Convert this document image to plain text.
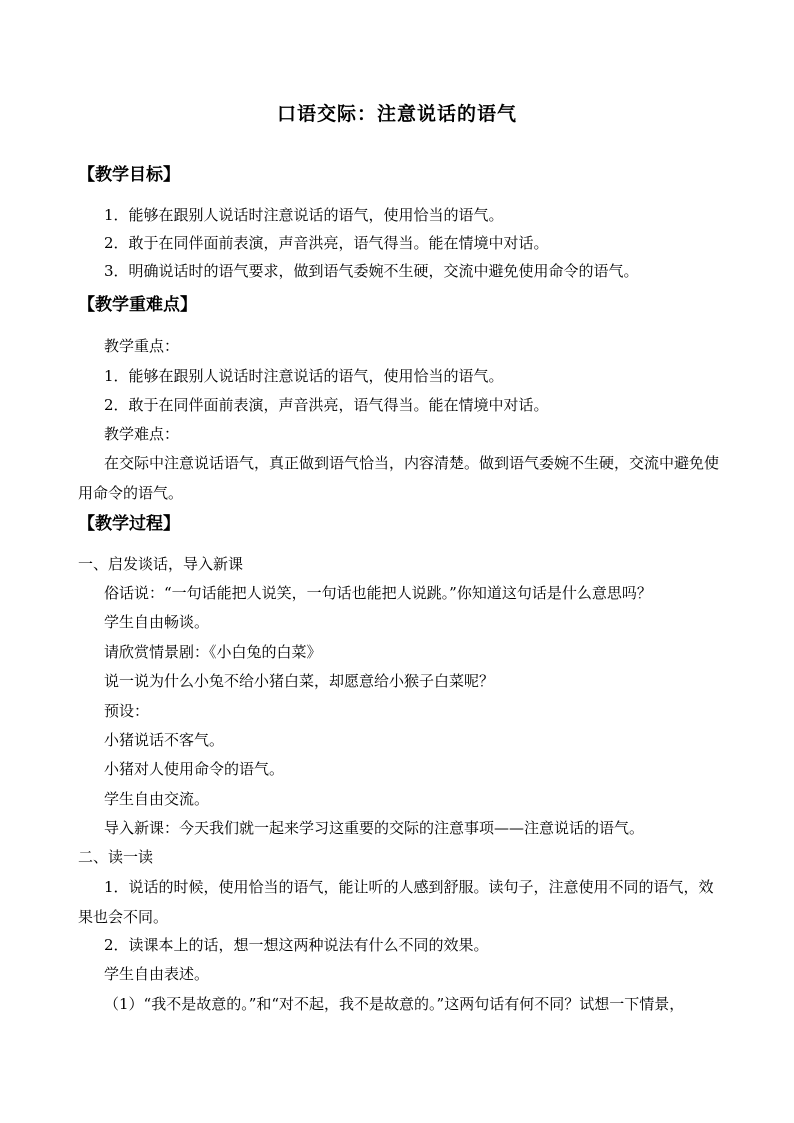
口语交际：注意说话的语气
【教学目标】
1．能够在跟别人说话时注意说话的语气，使用恰当的语气。
2．敢于在同伴面前表演，声音洪亮，语气得当。能在情境中对话。
3．明确说话时的语气要求，做到语气委婉不生硬，交流中避免使用命令的语气。
【教学重难点】
教学重点：
1．能够在跟别人说话时注意说话的语气，使用恰当的语气。
2．敢于在同伴面前表演，声音洪亮，语气得当。能在情境中对话。
教学难点：
在交际中注意说话语气，真正做到语气恰当，内容清楚。做到语气委婉不生硬，交流中避免使用命令的语气。
【教学过程】
一、启发谈话，导入新课
俗话说：“一句话能把人说笑，一句话也能把人说跳。”你知道这句话是什么意思吗？
学生自由畅谈。
请欣赏情景剧：《小白兔的白菜》
说一说为什么小兔不给小猪白菜，却愿意给小猴子白菜呢？
预设：
小猪说话不客气。
小猪对人使用命令的语气。
学生自由交流。
导入新课：今天我们就一起来学习这重要的交际的注意事项——注意说话的语气。
二、读一读
1．说话的时候，使用恰当的语气，能让听的人感到舒服。读句子，注意使用不同的语气，效果也会不同。
2．读课本上的话，想一想这两种说法有什么不同的效果。
学生自由表述。
（1）“我不是故意的。”和“对不起，我不是故意的。”这两句话有何不同？试想一下情景，
